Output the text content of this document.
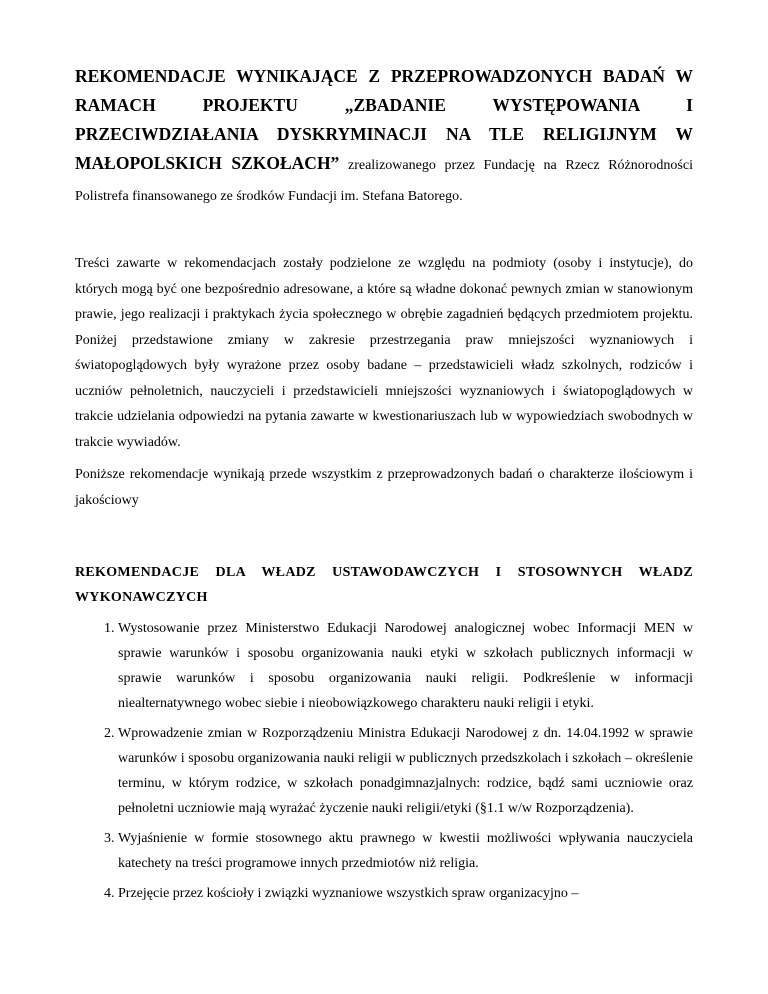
REKOMENDACJE WYNIKAJĄCE Z PRZEPROWADZONYCH BADAŃ W RAMACH PROJEKTU „ZBADANIE WYSTĘPOWANIA I PRZECIWDZIAŁANIA DYSKRYMINACJI NA TLE RELIGIJNYM W MAŁOPOLSKICH SZKOŁACH” zrealizowanego przez Fundację na Rzecz Różnorodności Polistrefa finansowanego ze środków Fundacji im. Stefana Batorego.

Treści zawarte w rekomendacjach zostały podzielone ze względu na podmioty (osoby i instytucje), do których mogą być one bezpośrednio adresowane, a które są władne dokonać pewnych zmian w stanowionym prawie, jego realizacji i praktykach życia społecznego w obrębie zagadnień będących przedmiotem projektu. Poniżej przedstawione zmiany w zakresie przestrzegania praw mniejszości wyznaniowych i światopoglądowych były wyrażone przez osoby badane – przedstawicieli władz szkolnych, rodziców i uczniów pełnoletnich, nauczycieli i przedstawicieli mniejszości wyznaniowych i światopoglądowych w trakcie udzielania odpowiedzi na pytania zawarte w kwestionariuszach lub w wypowiedziach swobodnych w trakcie wywiadów.

Poniższe rekomendacje wynikają przede wszystkim z przeprowadzonych badań o charakterze ilościowym i jakościowy

REKOMENDACJE DLA WŁADZ USTAWODAWCZYCH I STOSOWNYCH WŁADZ WYKONAWCZYCH

1. Wystosowanie przez Ministerstwo Edukacji Narodowej analogicznej wobec Informacji MEN w sprawie warunków i sposobu organizowania nauki etyki w szkołach publicznych informacji w sprawie warunków i sposobu organizowania nauki religii. Podkreślenie w informacji niealternatywnego wobec siebie i nieobowiązkowego charakteru nauki religii i etyki.
2. Wprowadzenie zmian w Rozporządzeniu Ministra Edukacji Narodowej z dn. 14.04.1992 w sprawie warunków i sposobu organizowania nauki religii w publicznych przedszkolach i szkołach – określenie terminu, w którym rodzice, w szkołach ponadgimnazjalnych: rodzice, bądź sami uczniowie oraz pełnoletni uczniowie mają wyrażać życzenie nauki religii/etyki (§1.1 w/w Rozporządzenia).
3. Wyjaśnienie w formie stosownego aktu prawnego w kwestii możliwości wpływania nauczyciela katechety na treści programowe innych przedmiotów niż religia.
4. Przejęcie przez kościoły i związki wyznaniowe wszystkich spraw organizacyjno –
